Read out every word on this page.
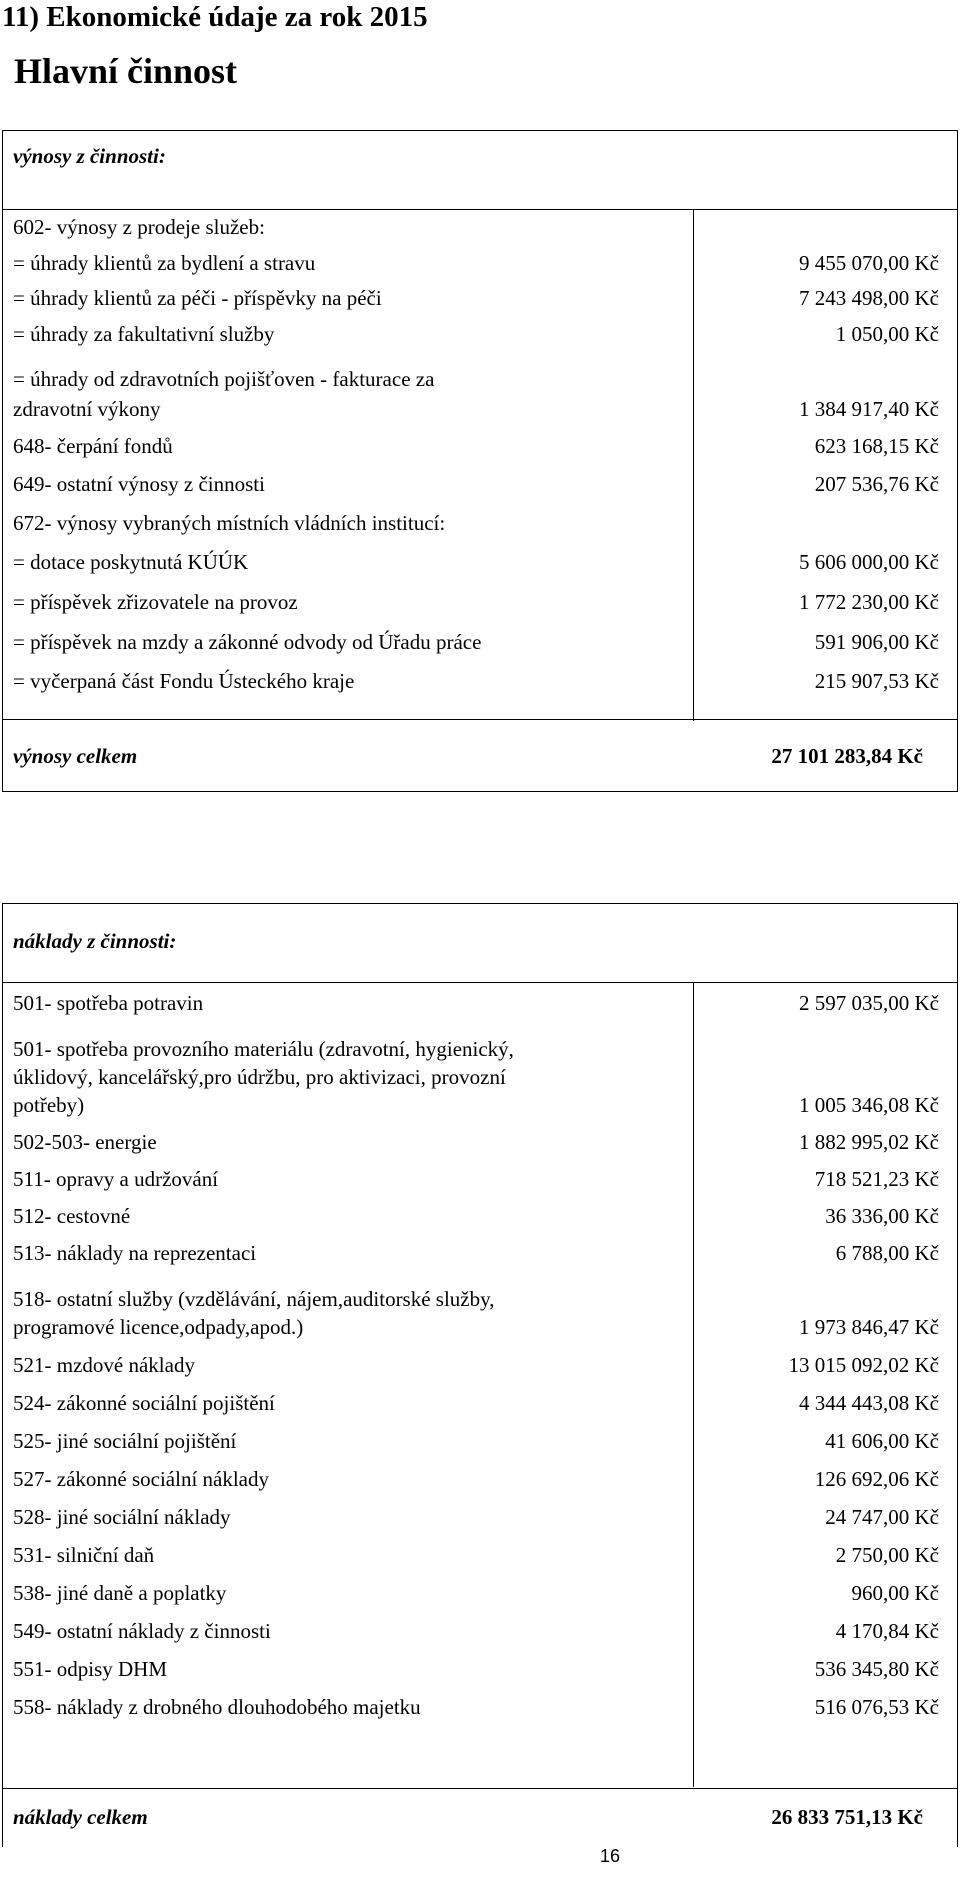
11) Ekonomické údaje za rok 2015
Hlavní činnost
výnosy z činnosti:
602- výnosy z prodeje služeb:
= úhrady klientů za bydlení a stravu	9 455 070,00 Kč
= úhrady klientů za péči - příspěvky na péči	7 243 498,00 Kč
= úhrady za fakultativní služby	1 050,00 Kč
= úhrady od zdravotních pojišťoven - fakturace za
zdravotní výkony	1 384 917,40 Kč
648- čerpání fondů	623 168,15 Kč
649- ostatní výnosy z činnosti	207 536,76 Kč
672- výnosy vybraných místních vládních institucí:
= dotace poskytnutá KÚÚK	5 606 000,00 Kč
= příspěvek zřizovatele na provoz	1 772 230,00 Kč
= příspěvek na mzdy a zákonné odvody od Úřadu práce	591 906,00 Kč
= vyčerpaná část Fondu Ústeckého kraje	215 907,53 Kč
výnosy celkem	27 101 283,84 Kč
náklady z činnosti:
501- spotřeba potravin	2 597 035,00 Kč
501- spotřeba provozního materiálu (zdravotní, hygienický,
úklidový, kancelářský,pro údržbu, pro aktivizaci, provozní
potřeby)	1 005 346,08 Kč
502-503- energie	1 882 995,02 Kč
511- opravy a udržování	718 521,23 Kč
512- cestovné	36 336,00 Kč
513- náklady na reprezentaci	6 788,00 Kč
518- ostatní služby (vzdělávání, nájem,auditorské služby,
programové licence,odpady,apod.)	1 973 846,47 Kč
521- mzdové náklady	13 015 092,02 Kč
524- zákonné sociální pojištění	4 344 443,08 Kč
525- jiné sociální pojištění	41 606,00 Kč
527- zákonné sociální náklady	126 692,06 Kč
528- jiné sociální náklady	24 747,00 Kč
531- silniční daň	2 750,00 Kč
538- jiné daně a poplatky	960,00 Kč
549- ostatní náklady z činnosti	4 170,84 Kč
551- odpisy DHM	536 345,80 Kč
558- náklady z drobného dlouhodobého majetku	516 076,53 Kč
náklady celkem	26 833 751,13 Kč
16
